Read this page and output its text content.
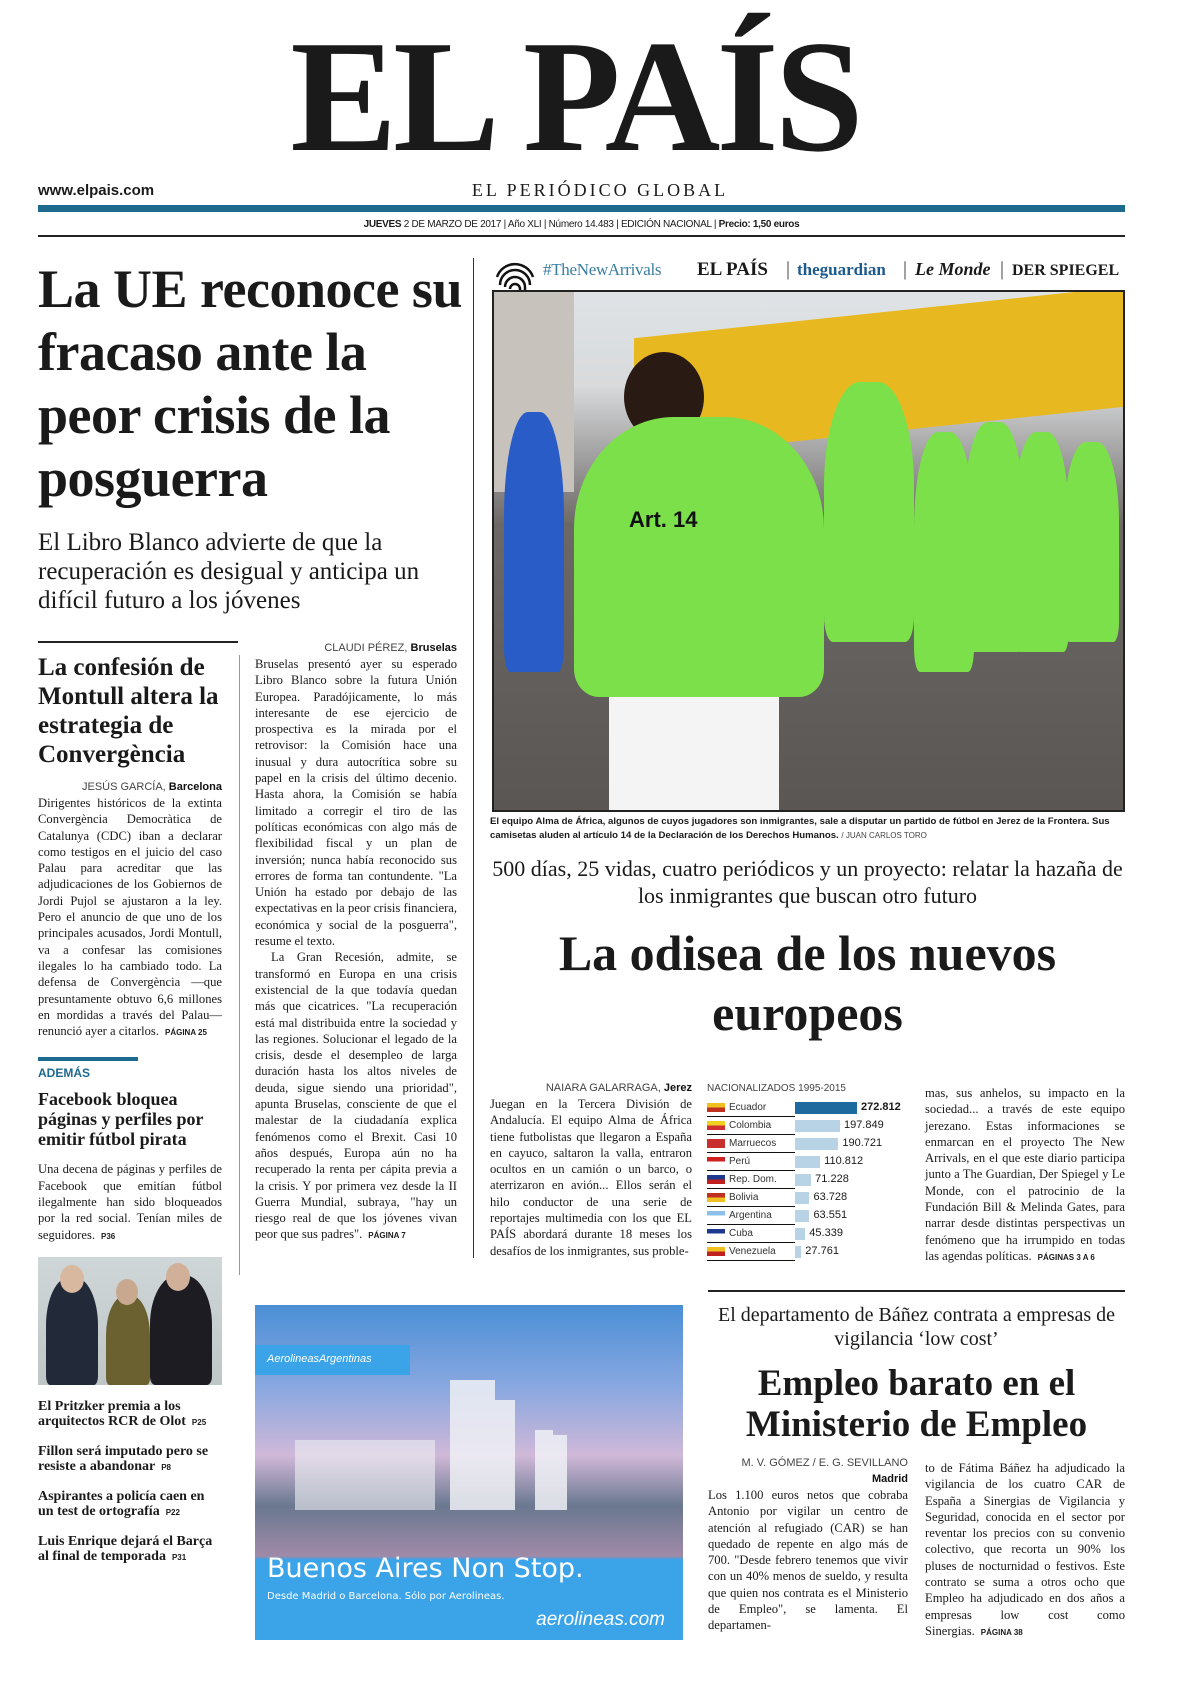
EL PAÍS
www.elpais.com	EL PERIÓDICO GLOBAL
JUEVES 2 DE MARZO DE 2017 | Año XLI | Número 14.483 | EDICIÓN NACIONAL | Precio: 1,50 euros
La UE reconoce su fracaso ante la peor crisis de la posguerra
El Libro Blanco advierte de que la recuperación es desigual y anticipa un difícil futuro a los jóvenes
La confesión de Montull altera la estrategia de Convergència
JESÚS GARCÍA, Barcelona
Dirigentes históricos de la extinta Convergència Democràtica de Catalunya (CDC) iban a declarar como testigos en el juicio del caso Palau para acreditar que las adjudicaciones de los Gobiernos de Jordi Pujol se ajustaron a la ley. Pero el anuncio de que uno de los principales acusados, Jordi Montull, va a confesar las comisiones ilegales lo ha cambiado todo. La defensa de Convergència —que presuntamente obtuvo 6,6 millones en mordidas a través del Palau— renunció ayer a citarlos. PÁGINA 25
ADEMÁS
Facebook bloquea páginas y perfiles por emitir fútbol pirata
Una decena de páginas y perfiles de Facebook que emitían fútbol ilegalmente han sido bloqueados por la red social. Tenían miles de seguidores. P36
El Pritzker premia a los arquitectos RCR de Olot P25
Fillon será imputado pero se resiste a abandonar P8
Aspirantes a policía caen en un test de ortografía P22
Luis Enrique dejará el Barça al final de temporada P31
CLAUDI PÉREZ, Bruselas
Bruselas presentó ayer su esperado Libro Blanco sobre la futura Unión Europea. Paradójicamente, lo más interesante de ese ejercicio de prospectiva es la mirada por el retrovisor: la Comisión hace una inusual y dura autocrítica sobre su papel en la crisis del último decenio. Hasta ahora, la Comisión se había limitado a corregir el tiro de las políticas económicas con algo más de flexibilidad fiscal y un plan de inversión; nunca había reconocido sus errores de forma tan contundente. "La Unión ha estado por debajo de las expectativas en la peor crisis financiera, económica y social de la posguerra", resume el texto.
La Gran Recesión, admite, se transformó en Europa en una crisis existencial de la que todavía quedan más que cicatrices. "La recuperación está mal distribuida entre la sociedad y las regiones. Solucionar el legado de la crisis, desde el desempleo de larga duración hasta los altos niveles de deuda, sigue siendo una prioridad", apunta Bruselas, consciente de que el malestar de la ciudadanía explica fenómenos como el Brexit. Casi 10 años después, Europa aún no ha recuperado la renta per cápita previa a la crisis. Y por primera vez desde la II Guerra Mundial, subraya, "hay un riesgo real de que los jóvenes vivan peor que sus padres". PÁGINA 7
#TheNewArrivals EL PAÍS | theguardian | Le Monde | DER SPIEGEL
Art. 14
El equipo Alma de África, algunos de cuyos jugadores son inmigrantes, sale a disputar un partido de fútbol en Jerez de la Frontera. Sus camisetas aluden al artículo 14 de la Declaración de los Derechos Humanos. / JUAN CARLOS TORO
500 días, 25 vidas, cuatro periódicos y un proyecto: relatar la hazaña de los inmigrantes que buscan otro futuro
La odisea de los nuevos europeos
NAIARA GALARRAGA, Jerez
Juegan en la Tercera División de Andalucía. El equipo Alma de África tiene futbolistas que llegaron a España en cayuco, saltaron la valla, entraron ocultos en un camión o un barco, o aterrizaron en avión... Ellos serán el hilo conductor de una serie de reportajes multimedia con los que EL PAÍS abordará durante 18 meses los desafíos de los inmigrantes, sus proble-
NACIONALIZADOS 1995-2015
Ecuador	272.812
Colombia	197.849
Marruecos	190.721
Perú	110.812
Rep. Dom.	71.228
Bolivia	63.728
Argentina	63.551
Cuba	45.339
Venezuela	27.761
mas, sus anhelos, su impacto en la sociedad... a través de este equipo jerezano. Estas informaciones se enmarcan en el proyecto The New Arrivals, en el que este diario participa junto a The Guardian, Der Spiegel y Le Monde, con el patrocinio de la Fundación Bill & Melinda Gates, para narrar desde distintas perspectivas un fenómeno que ha irrumpido en todas las agendas políticas. PÁGINAS 3 A 6
AerolineasArgentinas
Buenos Aires Non Stop.
Desde Madrid o Barcelona. Sólo por Aerolineas.
aerolineas.com
El departamento de Báñez contrata a empresas de vigilancia ‘low cost’
Empleo barato en el Ministerio de Empleo
M. V. GÓMEZ / E. G. SEVILLANO
Madrid
Los 1.100 euros netos que cobraba Antonio por vigilar un centro de atención al refugiado (CAR) se han quedado de repente en algo más de 700. "Desde febrero tenemos que vivir con un 40% menos de sueldo, y resulta que quien nos contrata es el Ministerio de Empleo", se lamenta. El departamen-
to de Fátima Báñez ha adjudicado la vigilancia de los cuatro CAR de España a Sinergias de Vigilancia y Seguridad, conocida en el sector por reventar los precios con su convenio colectivo, que recorta un 90% los pluses de nocturnidad o festivos. Este contrato se suma a otros ocho que Empleo ha adjudicado en dos años a empresas low cost como Sinergias. PÁGINA 38
